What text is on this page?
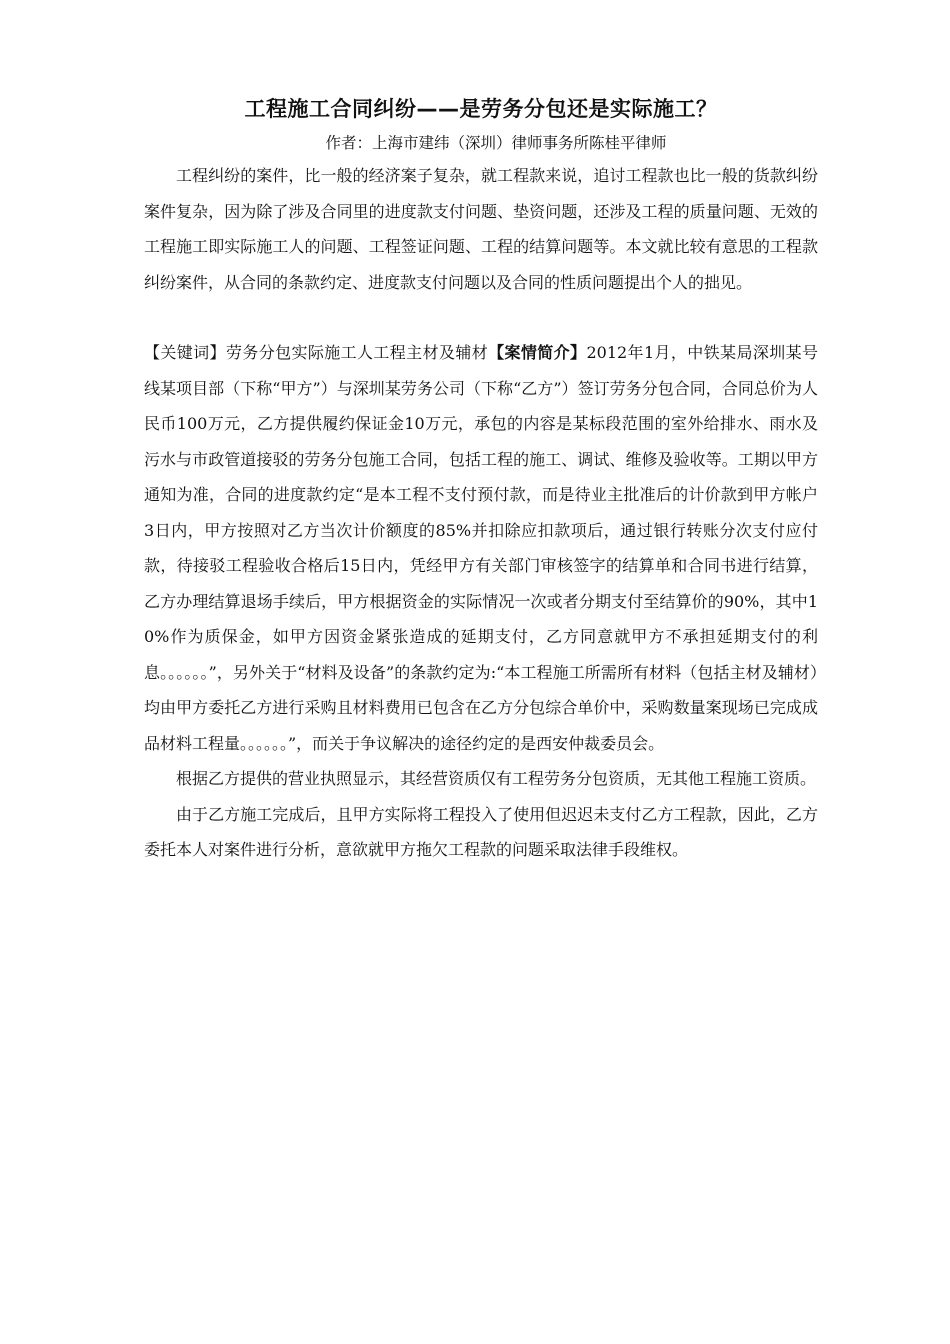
工程施工合同纠纷——是劳务分包还是实际施工？
作者：上海市建纬（深圳）律师事务所陈桂平律师

工程纠纷的案件，比一般的经济案子复杂，就工程款来说，追讨工程款也比一般的货款纠纷案件复杂，因为除了涉及合同里的进度款支付问题、垫资问题，还涉及工程的质量问题、无效的工程施工即实际施工人的问题、工程签证问题、工程的结算问题等。本文就比较有意思的工程款纠纷案件，从合同的条款约定、进度款支付问题以及合同的性质问题提出个人的拙见。

【关键词】劳务分包实际施工人工程主材及辅材【案情简介】2012年1月，中铁某局深圳某号线某项目部（下称“甲方”）与深圳某劳务公司（下称“乙方”）签订劳务分包合同，合同总价为人民币100万元，乙方提供履约保证金10万元，承包的内容是某标段范围的室外给排水、雨水及污水与市政管道接驳的劳务分包施工合同，包括工程的施工、调试、维修及验收等。工期以甲方通知为准，合同的进度款约定“是本工程不支付预付款，而是待业主批准后的计价款到甲方帐户3日内，甲方按照对乙方当次计价额度的85%并扣除应扣款项后，通过银行转账分次支付应付款，待接驳工程验收合格后15日内，凭经甲方有关部门审核签字的结算单和合同书进行结算，乙方办理结算退场手续后，甲方根据资金的实际情况一次或者分期支付至结算价的90%，其中10%作为质保金，如甲方因资金紧张造成的延期支付，乙方同意就甲方不承担延期支付的利息。。。。。。”，另外关于“材料及设备”的条款约定为:“本工程施工所需所有材料（包括主材及辅材）均由甲方委托乙方进行采购且材料费用已包含在乙方分包综合单价中，采购数量案现场已完成成品材料工程量。。。。。。”，而关于争议解决的途径约定的是西安仲裁委员会。

根据乙方提供的营业执照显示，其经营资质仅有工程劳务分包资质，无其他工程施工资质。

由于乙方施工完成后，且甲方实际将工程投入了使用但迟迟未支付乙方工程款，因此，乙方委托本人对案件进行分析，意欲就甲方拖欠工程款的问题采取法律手段维权。
